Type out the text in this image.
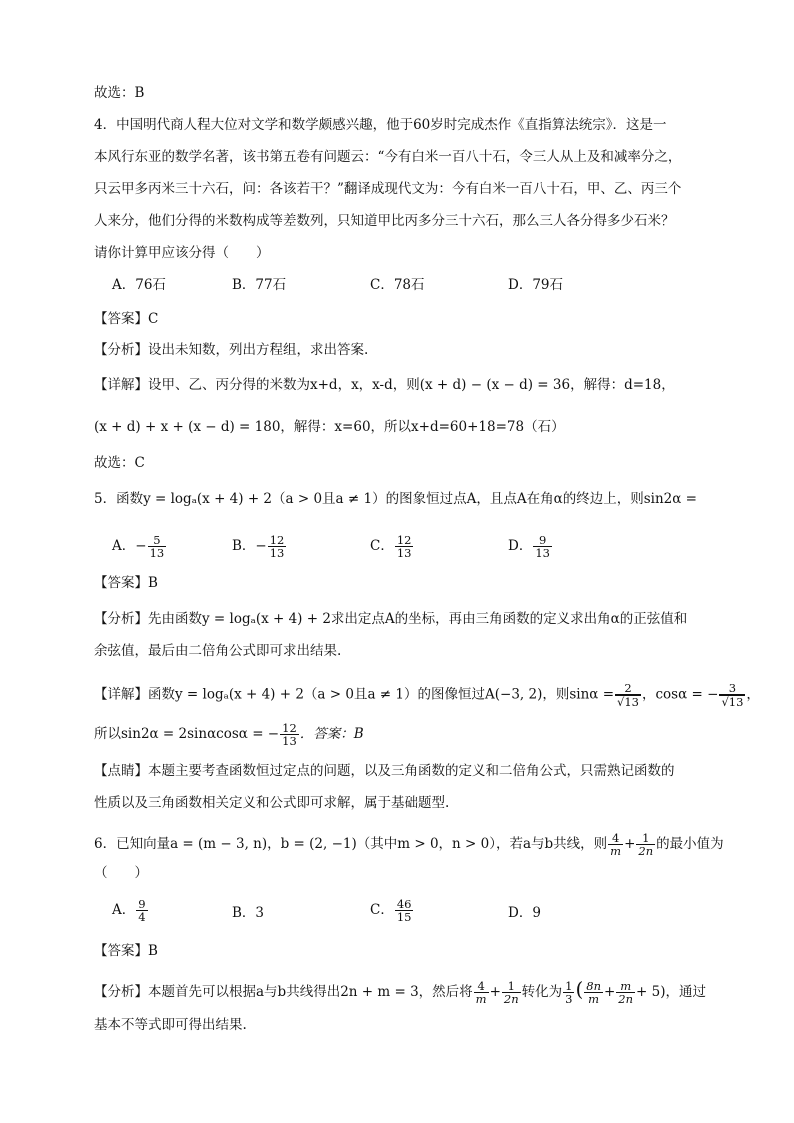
故选：B
4．中国明代商人程大位对文学和数学颇感兴趣，他于60岁时完成杰作《直指算法统宗》．这是一
本风行东亚的数学名著，该书第五卷有问题云：“今有白米一百八十石，令三人从上及和减率分之，
只云甲多丙米三十六石，问：各该若干？”翻译成现代文为：今有白米一百八十石，甲、乙、丙三个
人来分，他们分得的米数构成等差数列，只知道甲比丙多分三十六石，那么三人各分得多少石米？
请你计算甲应该分得（　　）
A．76石	B．77石	C．78石	D．79石
【答案】C
【分析】设出未知数，列出方程组，求出答案.
【详解】设甲、乙、丙分得的米数为x+d，x，x-d，则(x + d) − (x − d) = 36，解得：d=18，
(x + d) + x + (x − d) = 180，解得：x=60，所以x+d=60+18=78（石）
故选：C
5．函数y = logₐ(x + 4) + 2（a > 0且a ≠ 1）的图象恒过点A，且点A在角α的终边上，则sin2α =
A．− $\frac{5}{13}$	B．− $\frac{12}{13}$	C． $\frac{12}{13}$	D． $\frac{9}{13}$
【答案】B
【分析】先由函数y = logₐ(x + 4) + 2求出定点A的坐标，再由三角函数的定义求出角α的正弦值和
余弦值，最后由二倍角公式即可求出结果.
【详解】函数y = logₐ(x + 4) + 2（a > 0且a ≠ 1）的图像恒过A(−3, 2)，则$\sin\alpha = \frac{2}{√13}$ ，cosα = − $\frac{3}{√13}$ ，
所以sin2α = 2sinαcosα = − $\frac{12}{13}$ ．答案：B
【点睛】本题主要考查函数恒过定点的问题，以及三角函数的定义和二倍角公式，只需熟记函数的
性质以及三角函数相关定义和公式即可求解，属于基础题型.
6．已知向量a = (m − 3, n)，b = (2, −1)（其中m > 0，n > 0），若a与b共线，则 $\frac{4}{m} + \frac{1}{2n}$ 的最小值为
（　　）
A． $\frac{9}{4}$	B．3	C． $\frac{46}{15}$	D．9
【答案】B
【分析】本题首先可以根据a与b共线得出2n + m = 3，然后将 $\frac{4}{m} + \frac{1}{2n}$ 转化为 $\frac{1}{3}$ ( $\frac{8n}{m} + \frac{m}{2n} + 5$)，通过
基本不等式即可得出结果.
